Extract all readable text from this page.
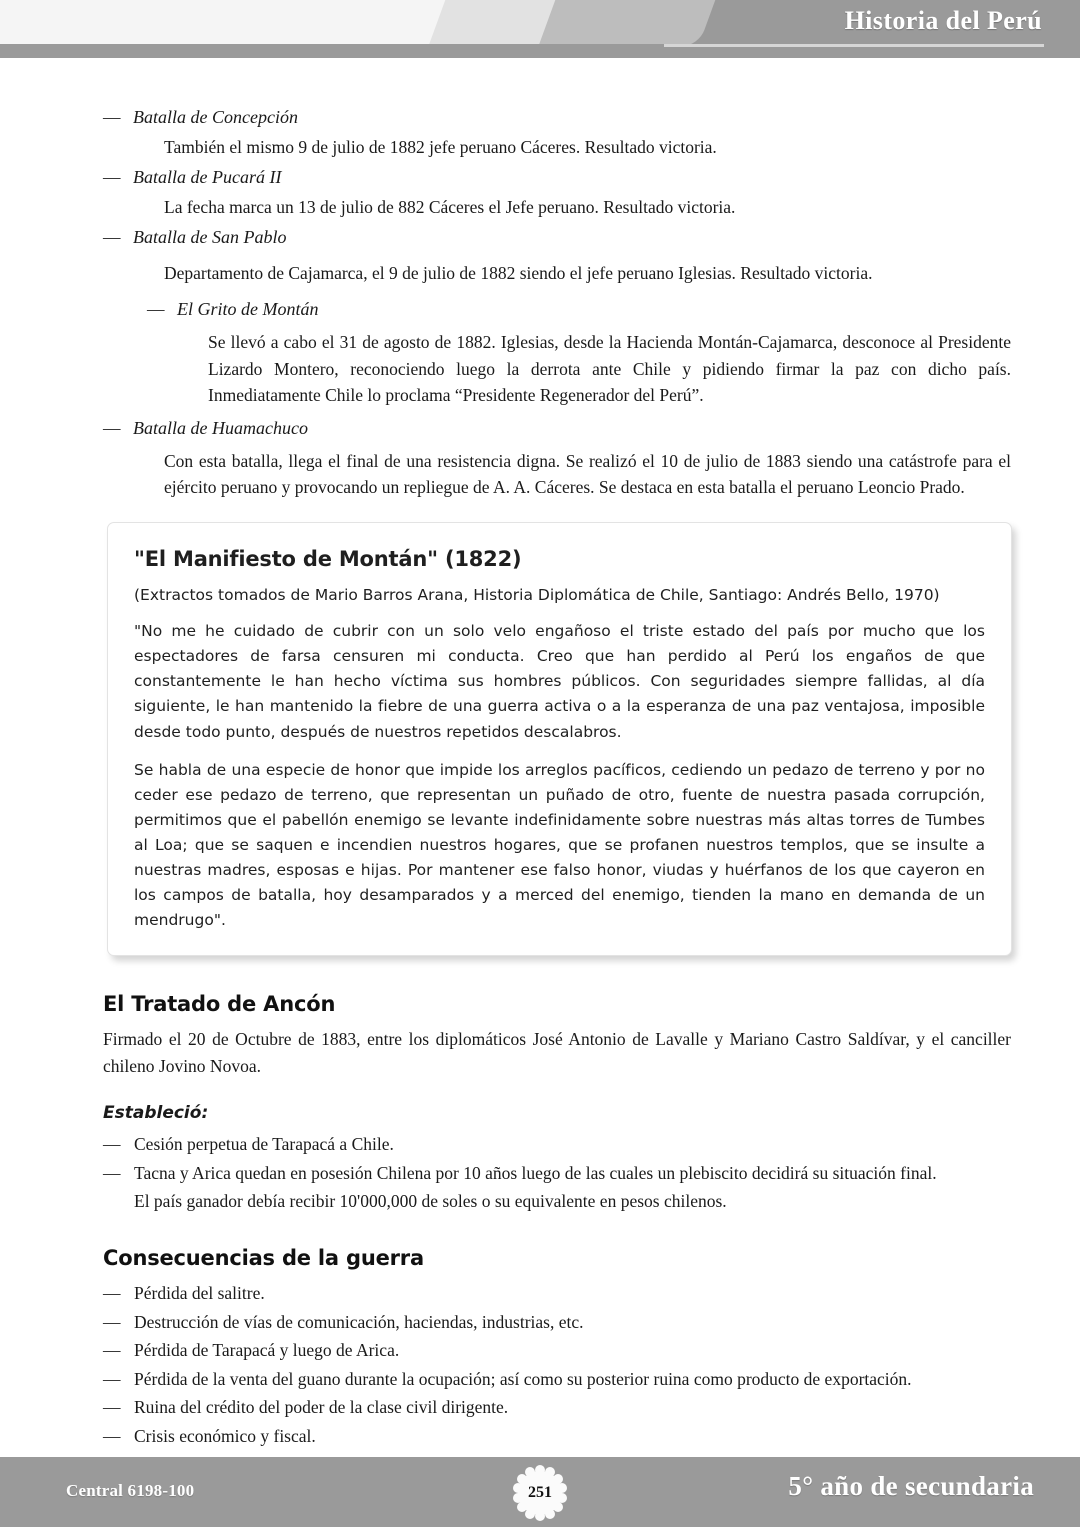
Historia del Perú
— Batalla de Concepción
También el mismo 9 de julio de 1882 jefe peruano Cáceres. Resultado victoria.
— Batalla de Pucará II
La fecha marca un 13 de julio de 882 Cáceres el Jefe peruano. Resultado victoria.
— Batalla de San Pablo
Departamento de Cajamarca, el 9 de julio de 1882 siendo el jefe peruano Iglesias. Resultado victoria.
— El Grito de Montán
Se llevó a cabo el 31 de agosto de 1882. Iglesias, desde la Hacienda Montán-Cajamarca, desconoce al Presidente Lizardo Montero, reconociendo luego la derrota ante Chile y pidiendo firmar la paz con dicho país. Inmediatamente Chile lo proclama “Presidente Regenerador del Perú”.
— Batalla de Huamachuco
Con esta batalla, llega el final de una resistencia digna. Se realizó el 10 de julio de 1883 siendo una catástrofe para el ejército peruano y provocando un repliegue de A. A. Cáceres. Se destaca en esta batalla el peruano Leoncio Prado.
"El Manifiesto de Montán" (1822)

(Extractos tomados de Mario Barros Arana, Historia Diplomática de Chile, Santiago: Andrés Bello, 1970)

"No me he cuidado de cubrir con un solo velo engañoso el triste estado del país por mucho que los espectadores de farsa censuren mi conducta. Creo que han perdido al Perú los engaños de que constantemente le han hecho víctima sus hombres públicos. Con seguridades siempre fallidas, al día siguiente, le han mantenido la fiebre de una guerra activa o a la esperanza de una paz ventajosa, imposible desde todo punto, después de nuestros repetidos descalabros.

Se habla de una especie de honor que impide los arreglos pacíficos, cediendo un pedazo de terreno y por no ceder ese pedazo de terreno, que representan un puñado de otro, fuente de nuestra pasada corrupción, permitimos que el pabellón enemigo se levante indefinidamente sobre nuestras más altas torres de Tumbes al Loa; que se saquen e incendien nuestros hogares, que se profanen nuestros templos, que se insulte a nuestras madres, esposas e hijas. Por mantener ese falso honor, viudas y huérfanos de los que cayeron en los campos de batalla, hoy desamparados y a merced del enemigo, tienden la mano en demanda de un mendrugo".

El Tratado de Ancón

Firmado el 20 de Octubre de 1883, entre los diplomáticos José Antonio de Lavalle y Mariano Castro Saldívar, y el canciller chileno Jovino Novoa.

Estableció:
— Cesión perpetua de Tarapacá a Chile.
— Tacna y Arica quedan en posesión Chilena por 10 años luego de las cuales un plebiscito decidirá su situación final.
El país ganador debía recibir 10'000,000 de soles o su equivalente en pesos chilenos.
Consecuencias de la guerra
— Pérdida del salitre.
— Destrucción de vías de comunicación, haciendas, industrias, etc.
— Pérdida de Tarapacá y luego de Arica.
— Pérdida de la venta del guano durante la ocupación; así como su posterior ruina como producto de exportación.
— Ruina del crédito del poder de la clase civil dirigente.
— Crisis económico y fiscal.
Central 6198-100	251	5° año de secundaria
